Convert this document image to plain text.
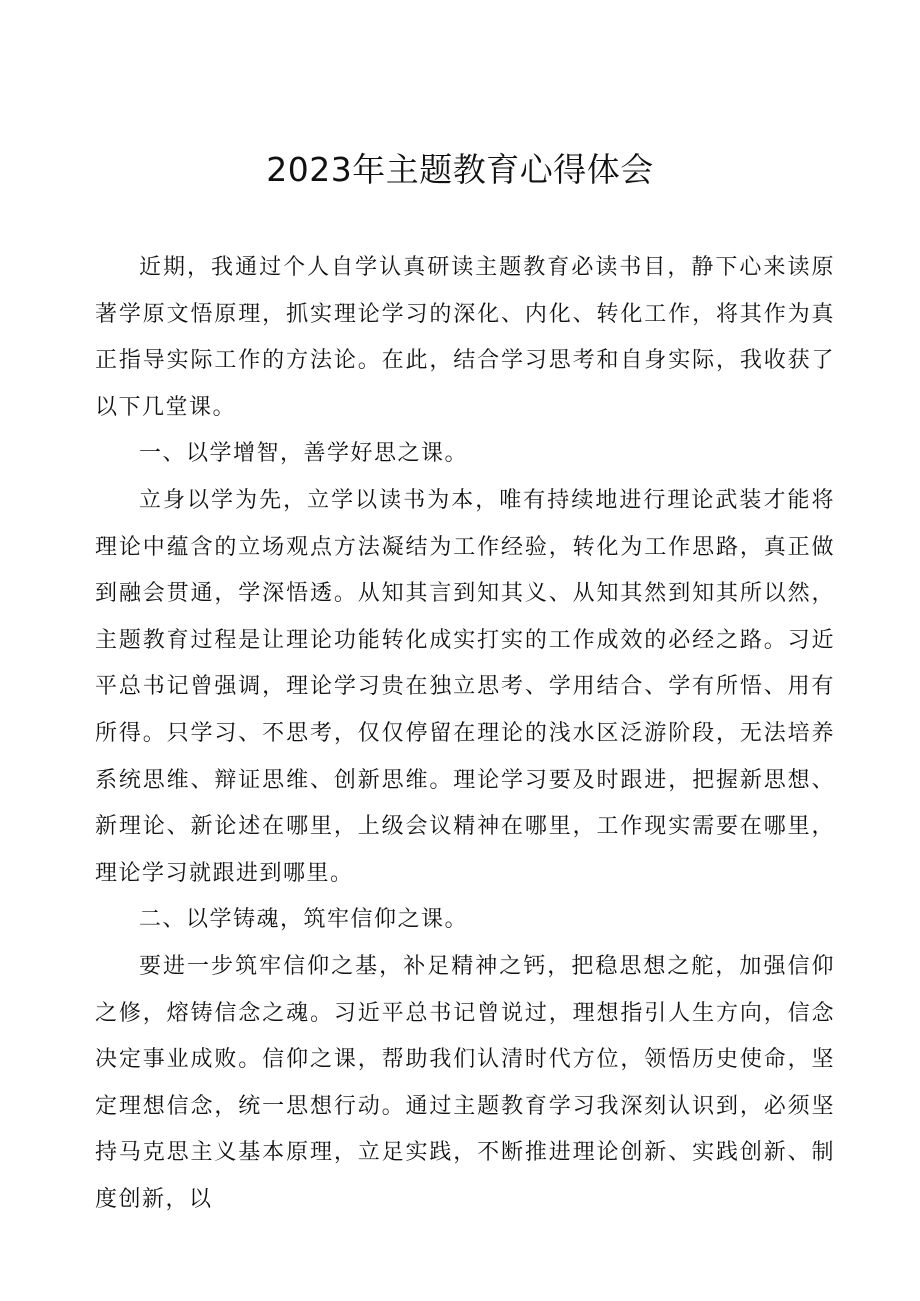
2023年主题教育心得体会

近期，我通过个人自学认真研读主题教育必读书目，静下心来读原著学原文悟原理，抓实理论学习的深化、内化、转化工作，将其作为真正指导实际工作的方法论。在此，结合学习思考和自身实际，我收获了以下几堂课。

一、以学增智，善学好思之课。

立身以学为先，立学以读书为本，唯有持续地进行理论武装才能将理论中蕴含的立场观点方法凝结为工作经验，转化为工作思路，真正做到融会贯通，学深悟透。从知其言到知其义、从知其然到知其所以然，主题教育过程是让理论功能转化成实打实的工作成效的必经之路。习近平总书记曾强调，理论学习贵在独立思考、学用结合、学有所悟、用有所得。只学习、不思考，仅仅停留在理论的浅水区泛游阶段，无法培养系统思维、辩证思维、创新思维。理论学习要及时跟进，把握新思想、新理论、新论述在哪里，上级会议精神在哪里，工作现实需要在哪里，理论学习就跟进到哪里。

二、以学铸魂，筑牢信仰之课。

要进一步筑牢信仰之基，补足精神之钙，把稳思想之舵，加强信仰之修，熔铸信念之魂。习近平总书记曾说过，理想指引人生方向，信念决定事业成败。信仰之课，帮助我们认清时代方位，领悟历史使命，坚定理想信念，统一思想行动。通过主题教育学习我深刻认识到，必须坚持马克思主义基本原理，立足实践，不断推进理论创新、实践创新、制度创新，以
